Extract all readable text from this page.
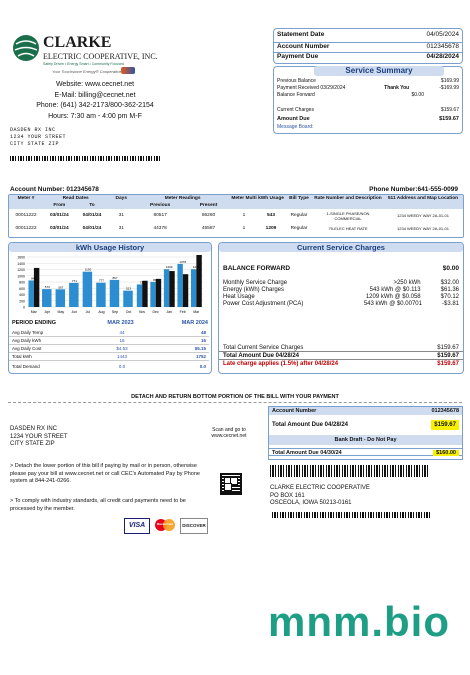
CLARKE
ELECTRIC COOPERATIVE, INC.
Safety Driven • Energy Smart • Community Focused
Your Touchstone Energy® Cooperative
Website: www.cecnet.net
E-Mail: billing@cecnet.net
Phone: (641) 342-2173/800-362-2154
Hours: 7:30 am - 4:00 pm M-F
DASDEN RX INC
1234 YOUR STREET
CITY STATE ZIP
Statement Date	04/05/2024
Account Number	012345678
Payment Due	04/28/2024
Service Summary
Previous Balance	$169.99
Payment Received 03/29/2024	Thank You	-$169.99
Balance Forward	$0.00
Current Charges	$159.67
Amount Due	$159.67
Message Board:
Account Number: 012345678	Phone Number:641-555-0099
Meter #	Read Dates		Days	Meter Readings		Meter Multi	kWh Usage	Bill Type	Rate Number and Description	511 Address and Map Location
	From	To		Previous	Present					
00011222	03/01/24	04/01/24	31	80517	86260	1	543	Regular	1-SINGLE PHASE/NON COMMERCIAL	1234 WEEDY WAY 2A-01-01
00011222	03/01/24	04/01/24	31	44378	45587	1	1209	Regular	75-ELEC HEAT RATE	1234 WEEDY WAY 2A-01-01
kWh Usage History
1600
1400
1200
1000
800
600
400
200
0
848
Mar
573
Apr
567
May
771
Jun
1130
Jul
777
Aug
867
Sep
523
Oct
722
Nov
803
Dec
1209
Jan
1378
Feb
1209
Mar
PERIOD ENDING	MAR 2023	MAR 2024
Avg Daily Temp	44	48
Avg Daily kWh	16	16
Avg Daily Cost	$4.53	$5.15
Total kWh	1443	1752
Total Demand	0.0	0.0
Current Service Charges
BALANCE FORWARD	$0.00
Monthly Service Charge	>250 kWh	$32.00
Energy (kWh) Charges	543 kWh @ $0.113	$61.36
Heat Usage	1209 kWh @ $0.058	$70.12
Power Cost Adjustment (PCA)	543 kWh @ $0.00701	-$3.81
Total Current Service Charges	$159.67
Total Amount Due 04/28/24	$159.67
Late charge applies (1.5%) after 04/28/24	$159.67
DETACH AND RETURN BOTTOM PORTION OF THE BILL WITH YOUR PAYMENT
DASDEN RX INC
1234 YOUR STREET
CITY STATE ZIP
> Detach the lower portion of this bill if paying by mail or in person, otherwise please pay your bill at www.cecnet.net or call CEC's Automated Pay by Phone system at 844-241-0266.
> To comply with industry standards, all credit card payments need to be processed by the member.
VISA	MasterCard	DISCOVER
Scan and go to www.cecnet.net
Account Number	012345678
Total Amount Due 04/28/24	$159.67
Bank Draft - Do Not Pay
Total Amount Due 04/30/24	$160.00
CLARKE ELECTRIC COOPERATIVE
PO BOX 161
OSCEOLA, IOWA 50213-0161
mnm.bio
